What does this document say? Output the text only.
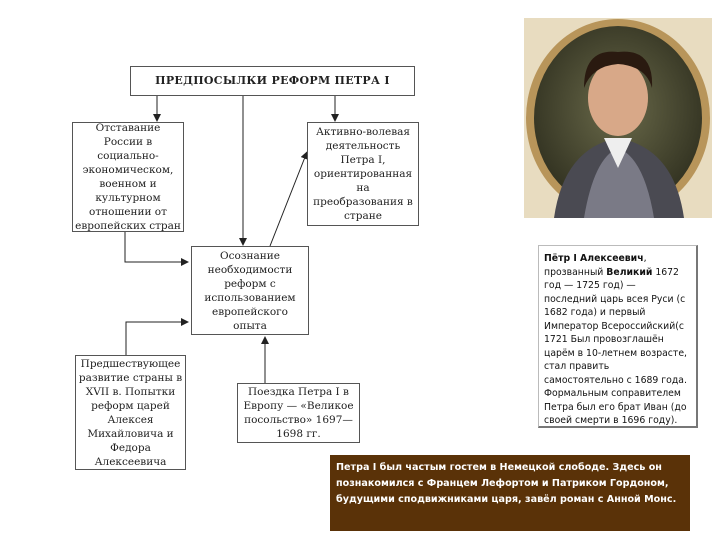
ПРЕДПОСЫЛКИ РЕФОРМ ПЕТРА I
Отставание России в социально-экономическом, военном и культурном отношении от европейских стран
Активно-волевая деятельность Петра I, ориентированная на преобразования в стране
Осознание необходимости реформ с использованием европейского опыта
Предшествующее развитие страны в XVII в. Попытки реформ царей Алексея Михайловича и Федора Алексеевича
Поездка Петра I в Европу — «Великое посольство» 1697—1698 гг.
Пётр I Алексеевич, прозванный Великий 1672 год — 1725 год) — последний царь всея Руси (с 1682 года) и первый Император Всероссийский(с 1721 Был провозглашён царём в 10-летнем возрасте, стал править самостоятельно с 1689 года. Формальным соправителем Петра был его брат Иван (до своей смерти в 1696 году).
Петра I был частым гостем в Немецкой слободе. Здесь он познакомился с Францем Лефортом и Патриком Гордоном, будущими сподвижниками царя, завёл роман с Анной Монс.
